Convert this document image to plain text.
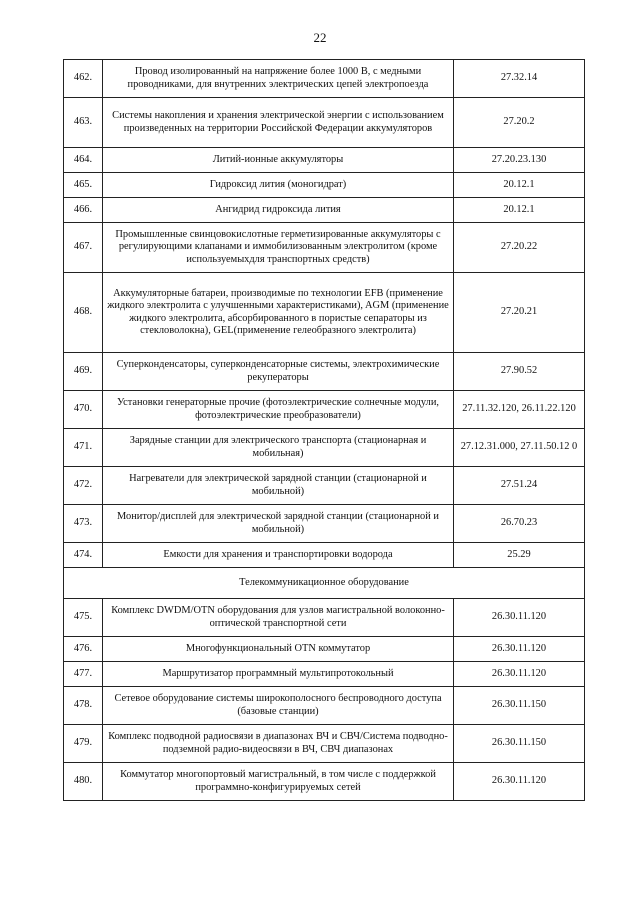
22
462.	Провод изолированный на напряжение более 1000 В, с медными проводниками, для внутренних электрических цепей электропоезда	27.32.14
463.	Системы накопления и хранения электрической энергии с использованием произведенных на территории Российской Федерации аккумуляторов	27.20.2
464.	Литий-ионные аккумуляторы	27.20.23.130
465.	Гидроксид лития (моногидрат)	20.12.1
466.	Ангидрид гидроксида лития	20.12.1
467.	Промышленные свинцовокислотные герметизированные аккумуляторы с регулирующими клапанами и иммобилизованным электролитом (кроме используемыхдля транспортных средств)	27.20.22
468.	Аккумуляторные батареи, производимые по технологии EFB (применение жидкого электролита с улучшенными характеристиками), AGM (применение жидкого электролита, абсорбированного в пористые сепараторы из стекловолокна), GEL(применение гелеобразного электролита)	27.20.21
469.	Суперконденсаторы, суперконденсаторные системы, электрохимические рекуператоры	27.90.52
470.	Установки генераторные прочие (фотоэлектрические солнечные модули, фотоэлектрические преобразователи)	27.11.32.120, 26.11.22.120
471.	Зарядные станции для электрического транспорта (стационарная и мобильная)	27.12.31.000, 27.11.50.12 0
472.	Нагреватели для электрической зарядной станции (стационарной и мобильной)	27.51.24
473.	Монитор/дисплей для электрической зарядной станции (стационарной и мобильной)	26.70.23
474.	Емкости для хранения и транспортировки водорода	25.29
Телекоммуникационное оборудование		
475.	Комплекс DWDM/OTN оборудования для узлов магистральной волоконно-оптической транспортной сети	26.30.11.120
476.	Многофункциональный OTN коммутатор	26.30.11.120
477.	Маршрутизатор программный мультипротокольный	26.30.11.120
478.	Сетевое оборудование системы широкополосного беспроводного доступа (базовые станции)	26.30.11.150
479.	Комплекс подводной радиосвязи в диапазонах ВЧ и СВЧ/Система подводно-подземной радио-видеосвязи в ВЧ, СВЧ диапазонах	26.30.11.150
480.	Коммутатор многопортовый магистральный, в том числе с поддержкой программно-конфигурируемых сетей	26.30.11.120
